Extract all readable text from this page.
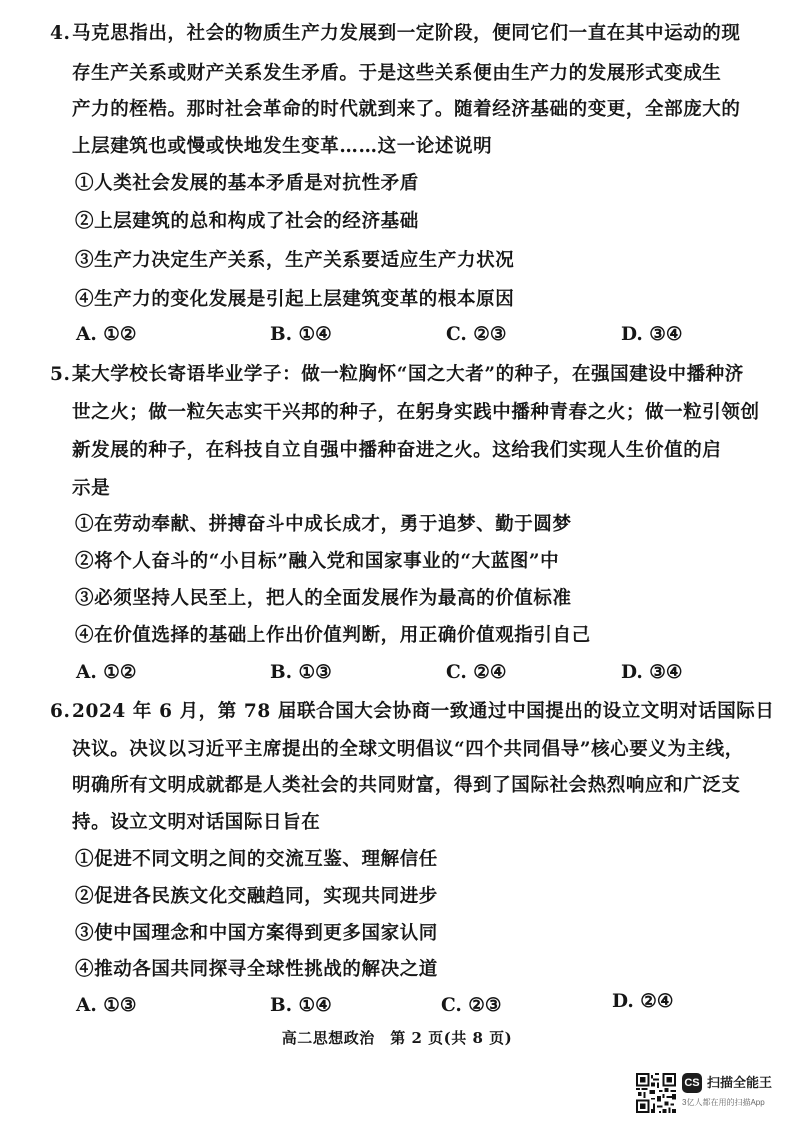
4. 马克思指出，社会的物质生产力发展到一定阶段，便同它们一直在其中运动的现
存生产关系或财产关系发生矛盾。于是这些关系便由生产力的发展形式变成生
产力的桎梏。那时社会革命的时代就到来了。随着经济基础的变更，全部庞大的
上层建筑也或慢或快地发生变革……这一论述说明
①人类社会发展的基本矛盾是对抗性矛盾
②上层建筑的总和构成了社会的经济基础
③生产力决定生产关系，生产关系要适应生产力状况
④生产力的变化发展是引起上层建筑变革的根本原因
A. ①②	B. ①④	C. ②③	D. ③④
5. 某大学校长寄语毕业学子：做一粒胸怀“国之大者”的种子，在强国建设中播种济
世之火；做一粒矢志实干兴邦的种子，在躬身实践中播种青春之火；做一粒引领创
新发展的种子，在科技自立自强中播种奋进之火。这给我们实现人生价值的启
示是
①在劳动奉献、拼搏奋斗中成长成才，勇于追梦、勤于圆梦
②将个人奋斗的“小目标”融入党和国家事业的“大蓝图”中
③必须坚持人民至上，把人的全面发展作为最高的价值标准
④在价值选择的基础上作出价值判断，用正确价值观指引自己
A. ①②	B. ①③	C. ②④	D. ③④
6. 2024 年 6 月，第 78 届联合国大会协商一致通过中国提出的设立文明对话国际日
决议。决议以习近平主席提出的全球文明倡议“四个共同倡导”核心要义为主线，
明确所有文明成就都是人类社会的共同财富，得到了国际社会热烈响应和广泛支
持。设立文明对话国际日旨在
①促进不同文明之间的交流互鉴、理解信任
②促进各民族文化交融趋同，实现共同进步
③使中国理念和中国方案得到更多国家认同
④推动各国共同探寻全球性挑战的解决之道
A. ①③	B. ①④	C. ②③	D. ②④
高二思想政治　第 2 页(共 8 页)
CS 扫描全能王
3亿人都在用的扫描App
